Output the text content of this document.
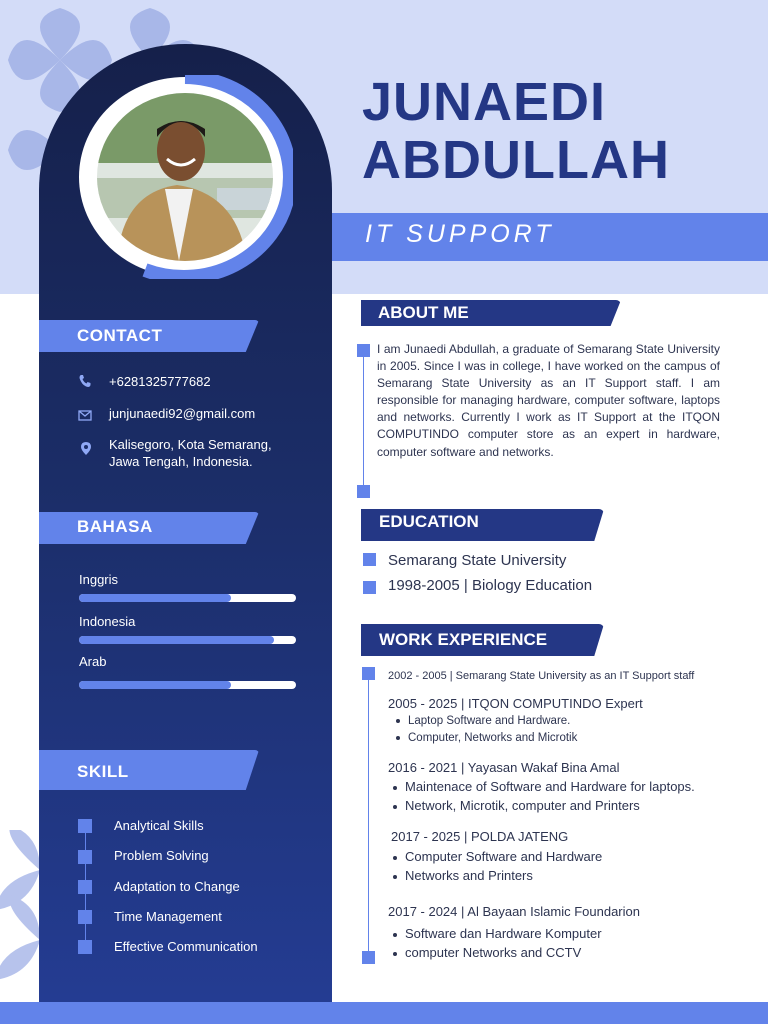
JUNAEDI
ABDULLAH
IT SUPPORT
CONTACT
+6281325777682
junjunaedi92@gmail.com
Kalisegoro, Kota Semarang,
Jawa Tengah, Indonesia.
BAHASA
Inggris
Indonesia
Arab
SKILL
Analytical Skills
Problem Solving
Adaptation to Change
Time Management
Effective Communication
ABOUT ME
I am Junaedi Abdullah, a graduate of Semarang State University in 2005. Since I was in college, I have worked on the campus of Semarang State University as an IT Support staff. I am responsible for managing hardware, computer software, laptops and networks. Currently I work as IT Support at the ITQON COMPUTINDO computer store as an expert in hardware, computer software and networks.
EDUCATION
Semarang State University
1998-2005 | Biology Education
WORK EXPERIENCE
2002 - 2005 | Semarang State University as an IT Support staff
2005 - 2025 | ITQON COMPUTINDO Expert
Laptop Software and Hardware.
Computer, Networks and Microtik
2016 - 2021 | Yayasan Wakaf Bina Amal
Maintenace of Software and Hardware for laptops.
Network, Microtik, computer and Printers
2017 - 2025 | POLDA JATENG
Computer Software and Hardware
Networks and Printers
2017 - 2024 | Al Bayaan Islamic Foundarion
Software dan Hardware Komputer
computer Networks and CCTV
